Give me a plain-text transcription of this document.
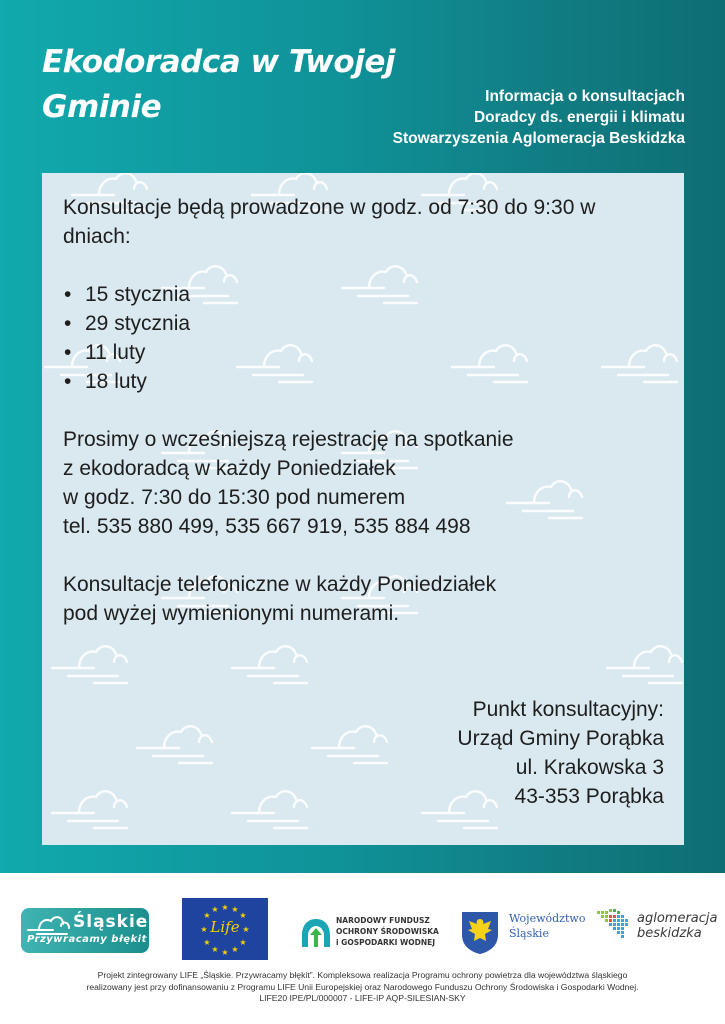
Ekodoradca w Twojej
Gminie	Informacja o konsultacjach
Doradcy ds. energii i klimatu
Stowarzyszenia Aglomeracja Beskidzka

Konsultacje będą prowadzone w godz. od 7:30 do 9:30 w
dniach:

• 15 stycznia
• 29 stycznia
• 11 luty
• 18 luty

Prosimy o wcześniejszą rejestrację na spotkanie
z ekodoradcą w każdy Poniedziałek
w godz. 7:30 do 15:30 pod numerem
tel. 535 880 499, 535 667 919, 535 884 498

Konsultacje telefoniczne w każdy Poniedziałek
pod wyżej wymienionymi numerami.

Punkt konsultacyjny:
Urząd Gminy Porąbka
ul. Krakowska 3
43-353 Porąbka
Śląskie
Przywracamy błękit
★ ★
★
★
★
★
★
★
★
★
★
★
Life	NARODOWY FUNDUSZ
OCHRONY ŚRODOWISKA
i GOSPODARKI WODNEJ
Województwo
Śląskie
aglomeracja
beskidzka
Projekt zintegrowany LIFE „Śląskie. Przywracamy błękit”. Kompleksowa realizacja Programu ochrony powietrza dla województwa śląskiego
realizowany jest przy dofinansowaniu z Programu LIFE Unii Europejskiej oraz Narodowego Funduszu Ochrony Środowiska i Gospodarki Wodnej.
LIFE20 IPE/PL/000007 - LIFE-IP AQP-SILESIAN-SKY
